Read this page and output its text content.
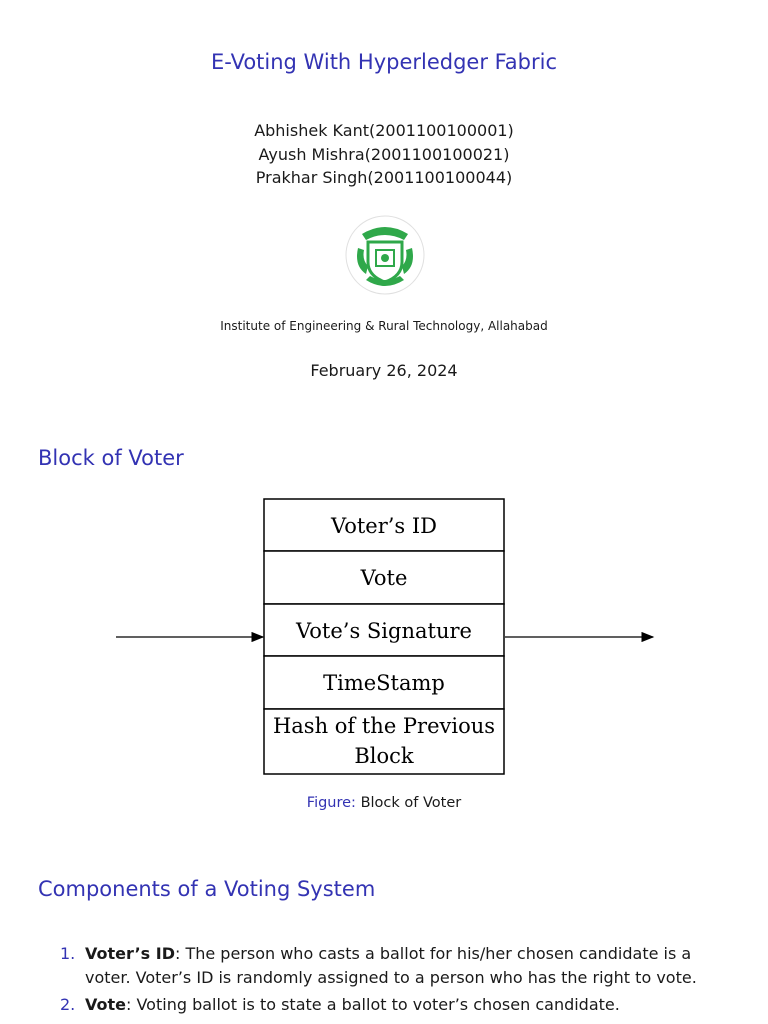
E-Voting With Hyperledger Fabric
Abhishek Kant(2001100100001)
Ayush Mishra(2001100100021)
Prakhar Singh(2001100100044)
Institute of Engineering & Rural Technology, Allahabad
February 26, 2024
Block of Voter
Voter’s ID
Vote
Vote’s Signature
TimeStamp
Hash of the Previous
Block
Figure: Block of Voter
Components of a Voting System
1. Voter’s ID: The person who casts a ballot for his/her chosen candidate is a voter. Voter’s ID is randomly assigned to a person who has the right to vote.
2. Vote: Voting ballot is to state a ballot to voter’s chosen candidate.
